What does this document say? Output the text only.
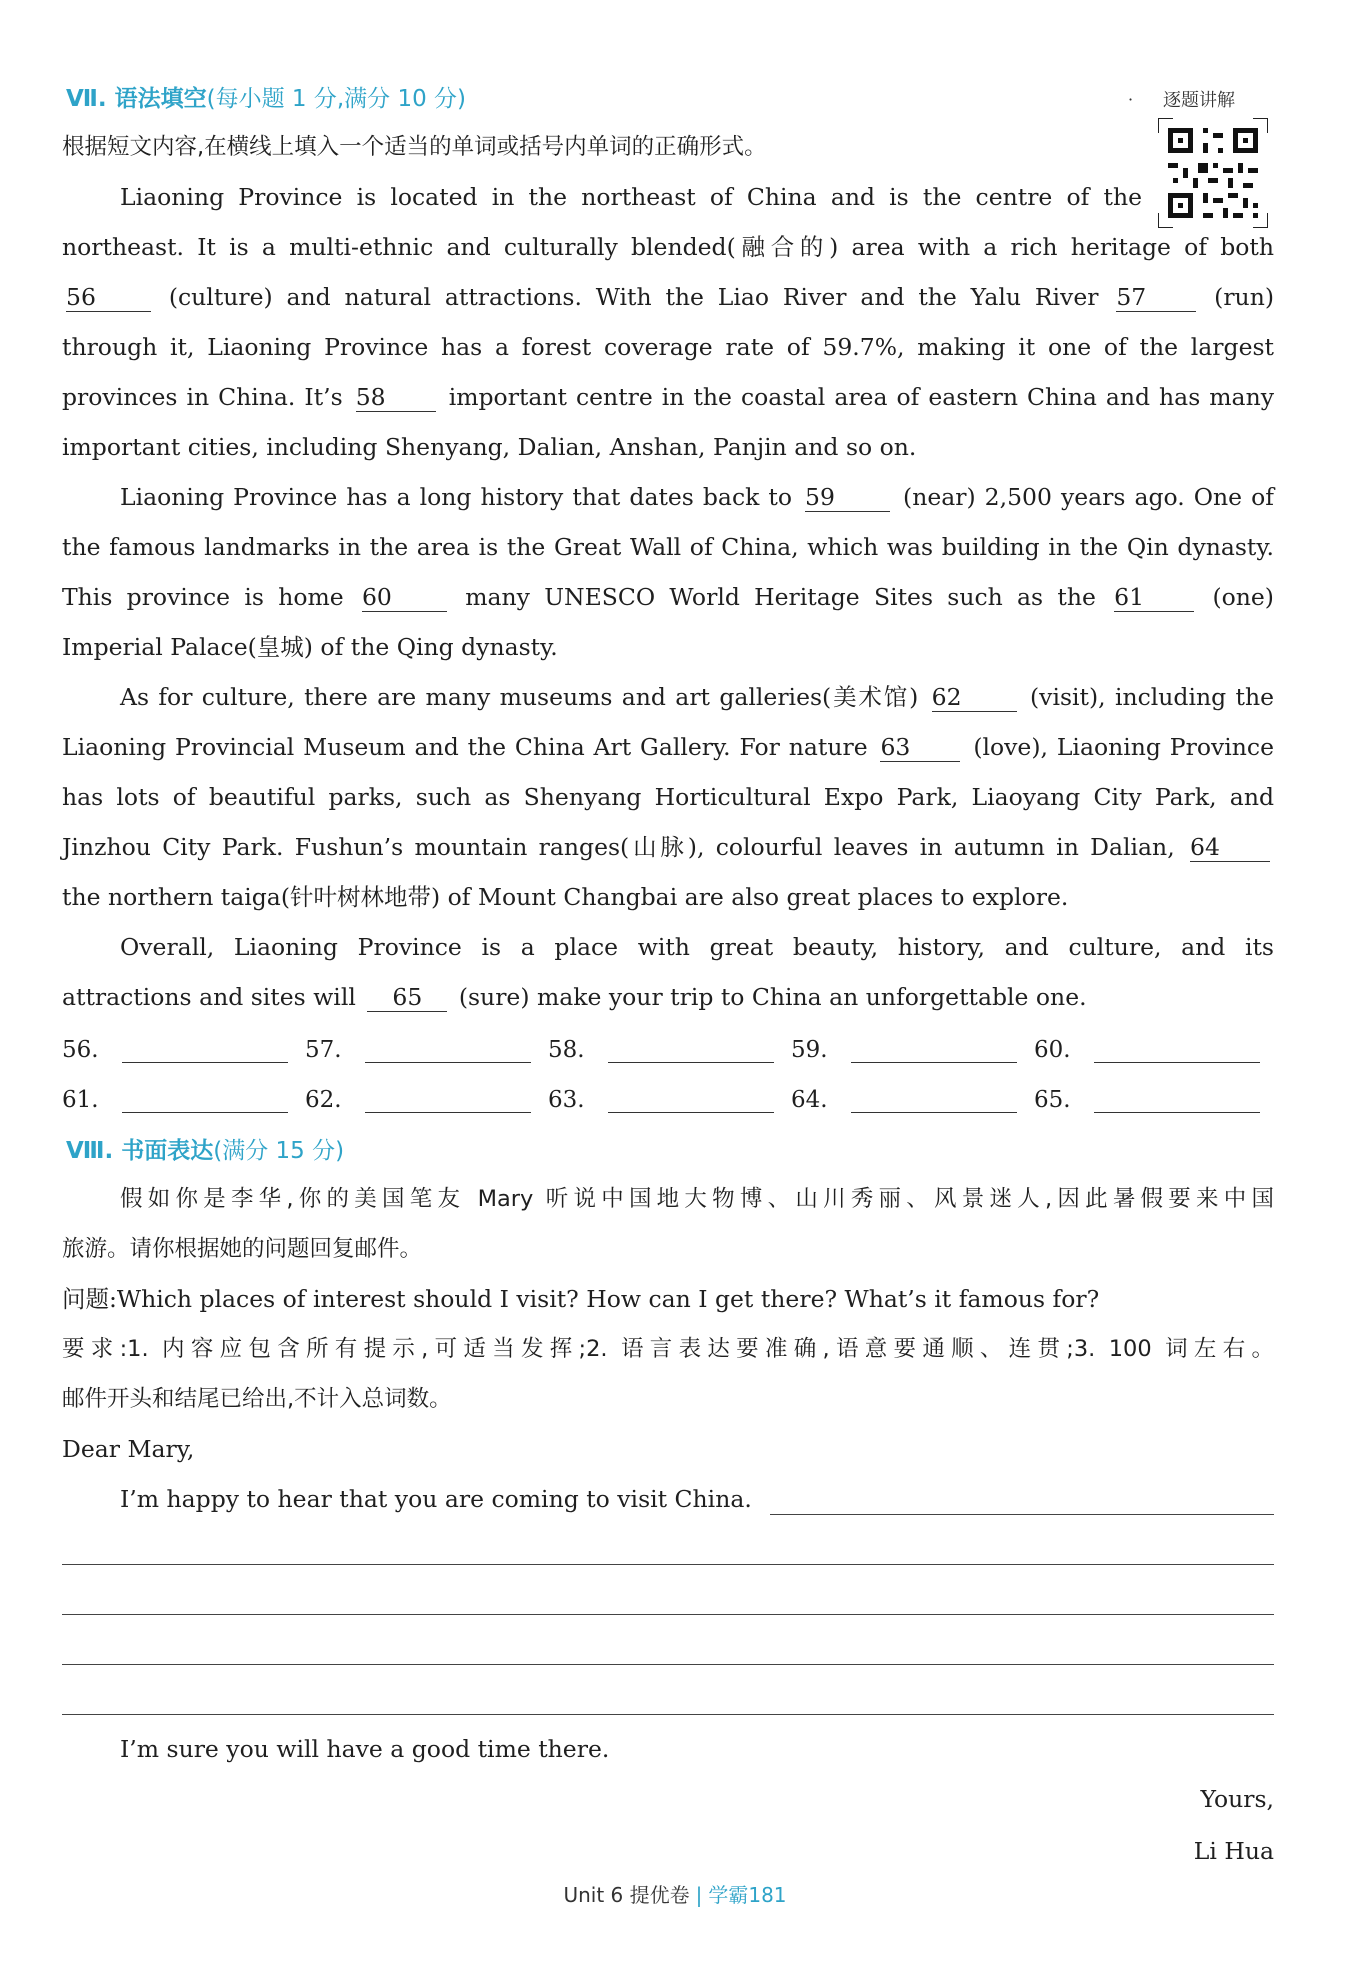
Ⅶ. 语法填空(每小题 1 分,满分 10 分)	· 逐题讲解
根据短文内容,在横线上填入一个适当的单词或括号内单词的正确形式。
Liaoning Province is located in the northeast of China and is the centre of the
northeast. It is a multi-ethnic and culturally blended(融合的) area with a rich heritage of both
56	(culture) and natural attractions. With the Liao River and the Yalu River 57	(run)
through it, Liaoning Province has a forest coverage rate of 59.7%, making it one of the largest
provinces in China. It’s 58	important centre in the coastal area of eastern China and has many
important cities, including Shenyang, Dalian, Anshan, Panjin and so on.
Liaoning Province has a long history that dates back to 59	(near) 2,500 years ago. One of
the famous landmarks in the area is the Great Wall of China, which was building in the Qin dynasty.
This province is home 60	many UNESCO World Heritage Sites such as the 61	(one)
Imperial Palace(皇城) of the Qing dynasty.
As for culture, there are many museums and art galleries(美术馆) 62	(visit), including the
Liaoning Provincial Museum and the China Art Gallery. For nature 63	(love), Liaoning Province
has lots of beautiful parks, such as Shenyang Horticultural Expo Park, Liaoyang City Park, and
Jinzhou City Park. Fushun’s mountain ranges(山脉), colourful leaves in autumn in Dalian, 64
the northern taiga(针叶树林地带) of Mount Changbai are also great places to explore.
Overall, Liaoning Province is a place with great beauty, history, and culture, and its
attractions and sites will 65 (sure) make your trip to China an unforgettable one.
56.	57.	58.	59.	60.
61.	62.	63.	64.	65.
Ⅷ. 书面表达(满分 15 分)
假如你是李华,你的美国笔友 Mary 听说中国地大物博、山川秀丽、风景迷人,因此暑假要来中国
旅游。请你根据她的问题回复邮件。
问题:Which places of interest should I visit? How can I get there? What’s it famous for?
要求:1. 内容应包含所有提示,可适当发挥;2. 语言表达要准确,语意要通顺、连贯;3. 100 词左右。
邮件开头和结尾已给出,不计入总词数。
Dear Mary,
I’m happy to hear that you are coming to visit China.
I’m sure you will have a good time there.
Yours,
Li Hua
Unit 6 提优卷 | 学霸181
